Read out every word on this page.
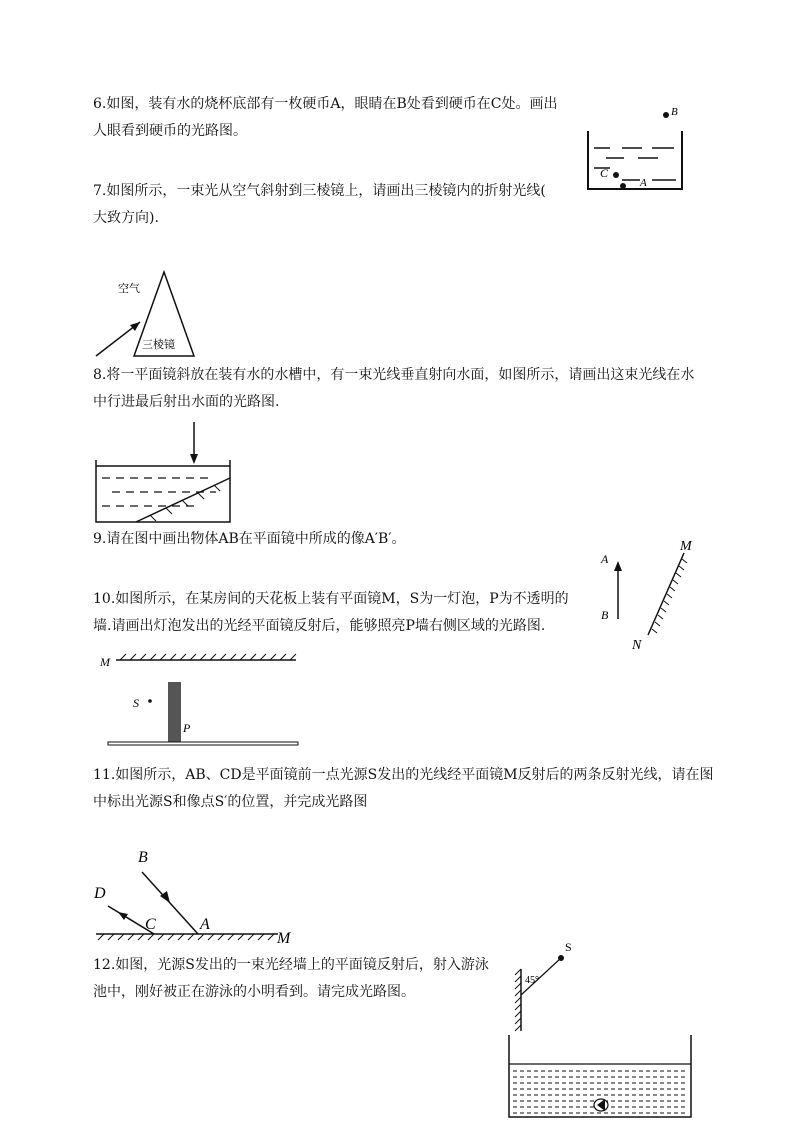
6.如图，装有水的烧杯底部有一枚硬币A，眼睛在B处看到硬币在C处。画出
人眼看到硬币的光路图。
7.如图所示，一束光从空气斜射到三棱镜上，请画出三棱镜内的折射光线(
大致方向).
8.将一平面镜斜放在装有水的水槽中，有一束光线垂直射向水面，如图所示，请画出这束光线在水
中行进最后射出水面的光路图.
9.请在图中画出物体AB在平面镜中所成的像A′B′。
10.如图所示，在某房间的天花板上装有平面镜M，S为一灯泡，P为不透明的
墙.请画出灯泡发出的光经平面镜反射后，能够照亮P墙右侧区域的光路图.
11.如图所示，AB、CD是平面镜前一点光源S发出的光线经平面镜M反射后的两条反射光线，请在图
中标出光源S和像点S′的位置，并完成光路图
12.如图，光源S发出的一束光经墙上的平面镜反射后，射入游泳
池中，刚好被正在游泳的小明看到。请完成光路图。
B
C
A
空气
三棱镜
A
B
M
N
M
S
P
B
D
C	A
M	S
45°
